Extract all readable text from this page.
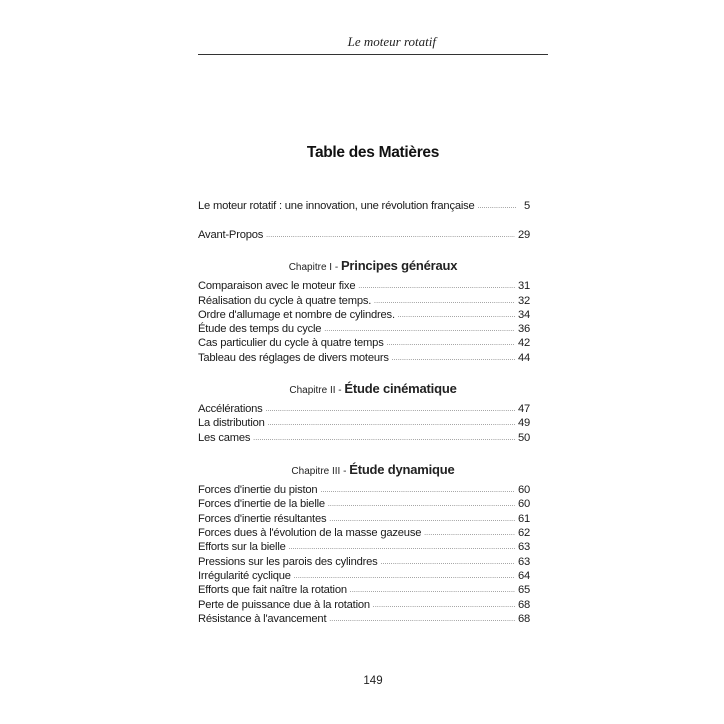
Le moteur rotatif
Table des Matières
Le moteur rotatif : une innovation, une révolution française .....	5
Avant-Propos .....	29
Comparaison avec le moteur fixe .....	31
Réalisation du cycle à quatre temps. .....	32
Ordre d'allumage et nombre de cylindres. .....	34
Étude des temps du cycle .....	36
Cas particulier du cycle à quatre temps .....	42
Tableau des réglages de divers moteurs .....	44
Accélérations .....	47
La distribution .....	49
Les cames .....	50
Forces d'inertie du piston .....	60
Forces d'inertie de la bielle .....	60
Forces d'inertie résultantes .....	61
Forces dues à l'évolution de la masse gazeuse .....	62
Efforts sur la bielle .....	63
Pressions sur les parois des cylindres .....	63
Irrégularité cyclique .....	64
Efforts que fait naître la rotation .....	65
Perte de puissance due à la rotation .....	68
Résistance à l'avancement .....	68
Chapitre I - Principes généraux
Chapitre II - Étude cinématique
Chapitre III - Étude dynamique
149
